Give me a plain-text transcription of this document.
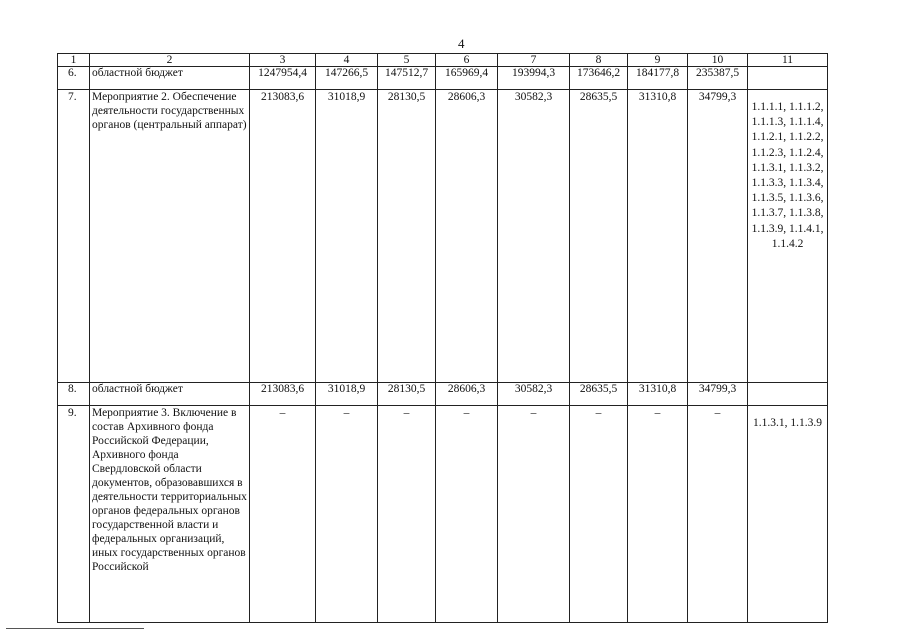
4
1	2	3	4	5	6	7	8	9	10	11
6.	областной бюджет	1247954,4	147266,5	147512,7	165969,4	193994,3	173646,2	184177,8	235387,5	
7.	Мероприятие 2. Обеспечение деятельности государственных органов (центральный аппарат)	213083,6	31018,9	28130,5	28606,3	30582,3	28635,5	31310,8	34799,3	1.1.1.1, 1.1.1.2, 1.1.1.3, 1.1.1.4, 1.1.2.1, 1.1.2.2, 1.1.2.3, 1.1.2.4, 1.1.3.1, 1.1.3.2, 1.1.3.3, 1.1.3.4, 1.1.3.5, 1.1.3.6, 1.1.3.7, 1.1.3.8, 1.1.3.9, 1.1.4.1, 1.1.4.2
8.	областной бюджет	213083,6	31018,9	28130,5	28606,3	30582,3	28635,5	31310,8	34799,3	
9.	Мероприятие 3. Включение в состав Архивного фонда Российской Федерации, Архивного фонда Свердловской области документов, образовавшихся в деятельности территориальных органов федеральных органов государственной власти и федеральных организаций, иных государственных органов Российской	–	–	–	–	–	–	–	–	1.1.3.1, 1.1.3.9
